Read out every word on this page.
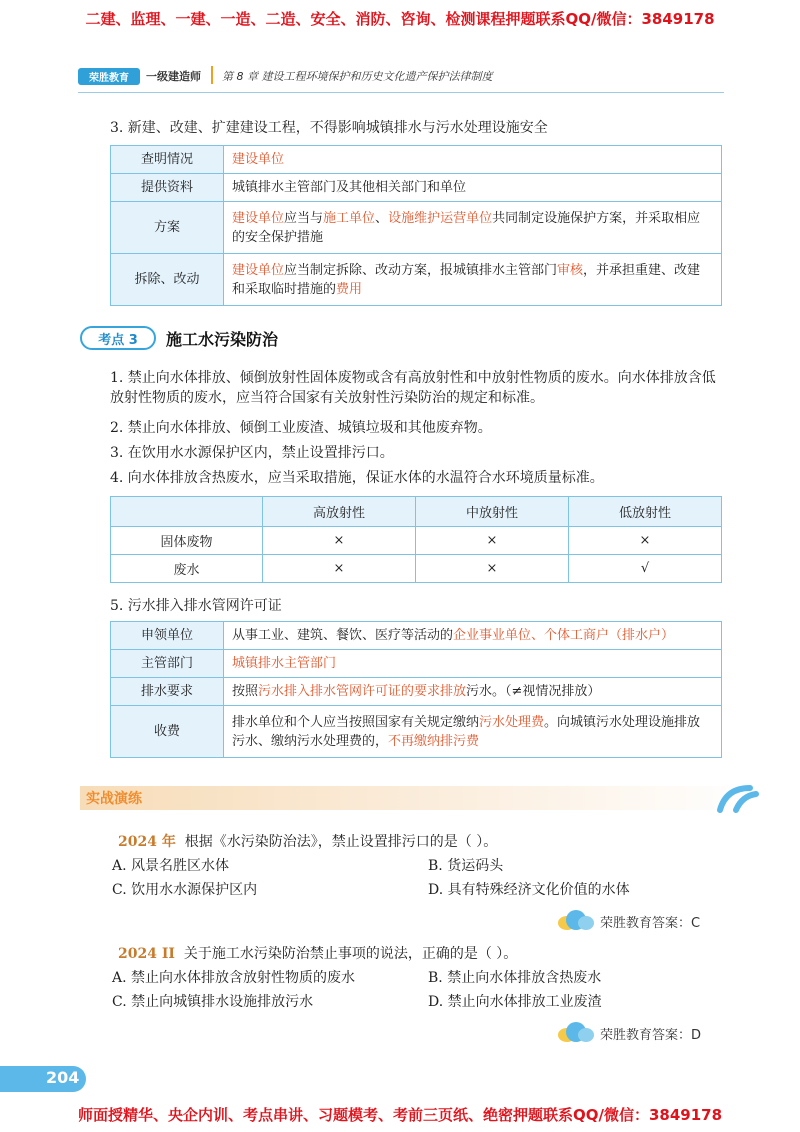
二建、监理、一建、一造、二造、安全、消防、咨询、检测课程押题联系QQ/微信：3849178
荣胜教育	一级建造师 第 8 章 建设工程环境保护和历史文化遗产保护法律制度
3. 新建、改建、扩建建设工程，不得影响城镇排水与污水处理设施安全
查明情况	建设单位
提供资料	城镇排水主管部门及其他相关部门和单位
方案	建设单位应当与施工单位、设施维护运营单位共同制定设施保护方案，并采取相应的安全保护措施
拆除、改动	建设单位应当制定拆除、改动方案，报城镇排水主管部门审核，并承担重建、改建和采取临时措施的费用
考点 3	施工水污染防治
1. 禁止向水体排放、倾倒放射性固体废物或含有高放射性和中放射性物质的废水。向水体排放含低放射性物质的废水，应当符合国家有关放射性污染防治的规定和标准。
2. 禁止向水体排放、倾倒工业废渣、城镇垃圾和其他废弃物。
3. 在饮用水水源保护区内，禁止设置排污口。
4. 向水体排放含热废水，应当采取措施，保证水体的水温符合水环境质量标准。
	高放射性	中放射性	低放射性
固体废物	×	×	×
废水	×	×	√
5. 污水排入排水管网许可证
申领单位	从事工业、建筑、餐饮、医疗等活动的企业事业单位、个体工商户（排水户）
主管部门	城镇排水主管部门
排水要求	按照污水排入排水管网许可证的要求排放污水。（≠视情况排放）
收费	排水单位和个人应当按照国家有关规定缴纳污水处理费。向城镇污水处理设施排放污水、缴纳污水处理费的，不再缴纳排污费
实战演练
2024 年 根据《水污染防治法》，禁止设置排污口的是（ ）。
A. 风景名胜区水体	B. 货运码头
C. 饮用水水源保护区内	D. 具有特殊经济文化价值的水体
荣胜教育答案：C
2024 II 关于施工水污染防治禁止事项的说法，正确的是（ ）。
A. 禁止向水体排放含放射性物质的废水	B. 禁止向水体排放含热废水
C. 禁止向城镇排水设施排放污水	D. 禁止向水体排放工业废渣
荣胜教育答案：D
204
师面授精华、央企内训、考点串讲、习题模考、考前三页纸、绝密押题联系QQ/微信：3849178
